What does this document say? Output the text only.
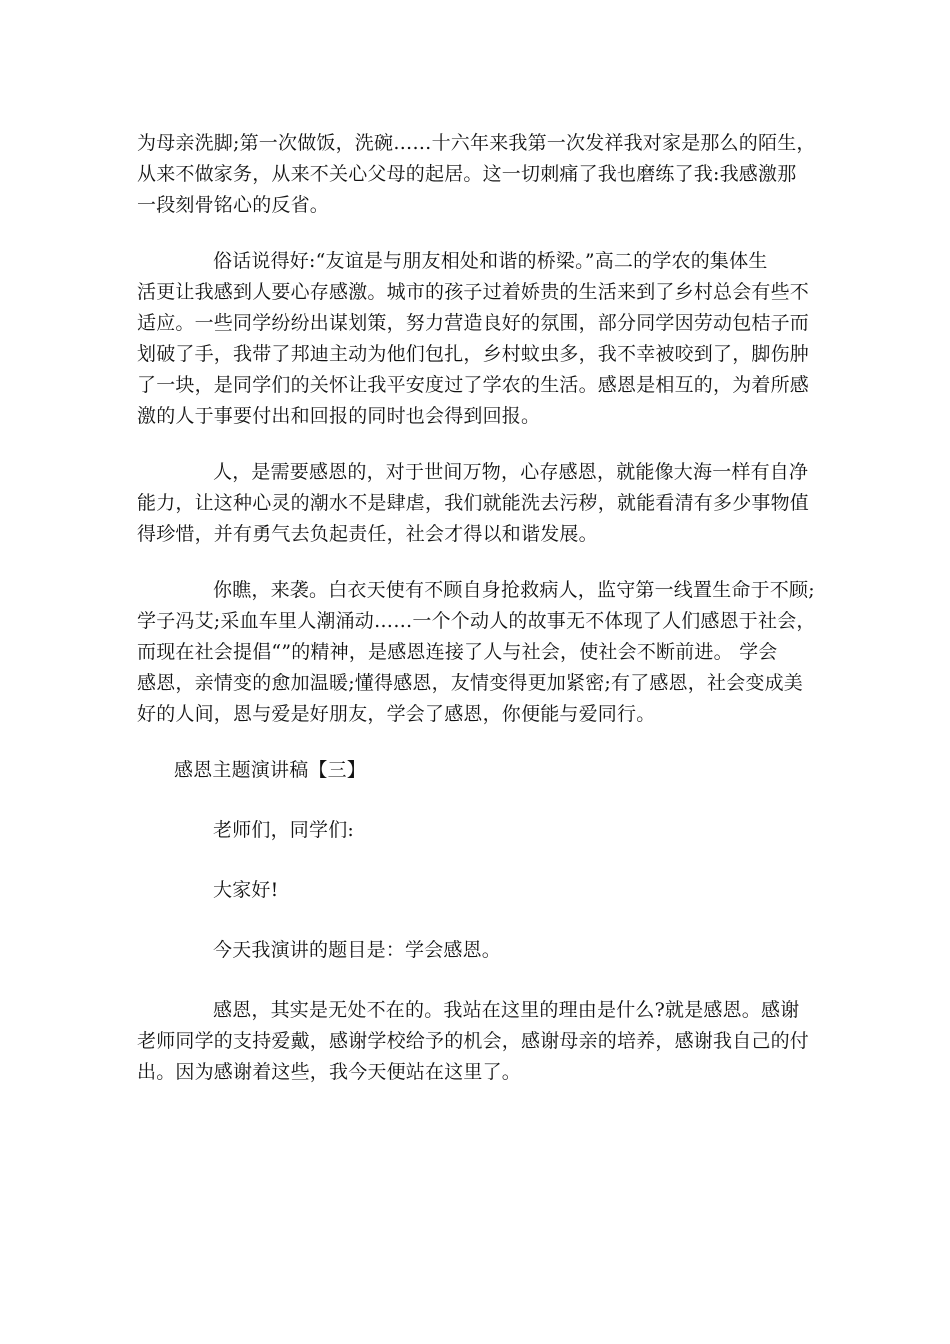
为母亲洗脚;第一次做饭，洗碗……十六年来我第一次发祥我对家是那么的陌生，
从来不做家务，从来不关心父母的起居。这一切刺痛了我也磨练了我:我感激那
一段刻骨铭心的反省。
俗话说得好:“友谊是与朋友相处和谐的桥梁。”高二的学农的集体生
活更让我感到人要心存感激。城市的孩子过着娇贵的生活来到了乡村总会有些不
适应。一些同学纷纷出谋划策，努力营造良好的氛围，部分同学因劳动包桔子而
划破了手，我带了邦迪主动为他们包扎，乡村蚊虫多，我不幸被咬到了，脚伤肿
了一块，是同学们的关怀让我平安度过了学农的生活。感恩是相互的，为着所感
激的人于事要付出和回报的同时也会得到回报。
人，是需要感恩的，对于世间万物，心存感恩，就能像大海一样有自净
能力，让这种心灵的潮水不是肆虐，我们就能洗去污秽，就能看清有多少事物值
得珍惜，并有勇气去负起责任，社会才得以和谐发展。
你瞧，来袭。白衣天使有不顾自身抢救病人，监守第一线置生命于不顾;
学子冯艾;采血车里人潮涌动……一个个动人的故事无不体现了人们感恩于社会，
而现在社会提倡“”的精神，是感恩连接了人与社会，使社会不断前进。 学会
感恩，亲情变的愈加温暖;懂得感恩，友情变得更加紧密;有了感恩，社会变成美
好的人间，恩与爱是好朋友，学会了感恩，你便能与爱同行。
感恩主题演讲稿【三】
老师们，同学们:
大家好!
今天我演讲的题目是：学会感恩。
感恩，其实是无处不在的。我站在这里的理由是什么?就是感恩。感谢
老师同学的支持爱戴，感谢学校给予的机会，感谢母亲的培养，感谢我自己的付
出。因为感谢着这些，我今天便站在这里了。
